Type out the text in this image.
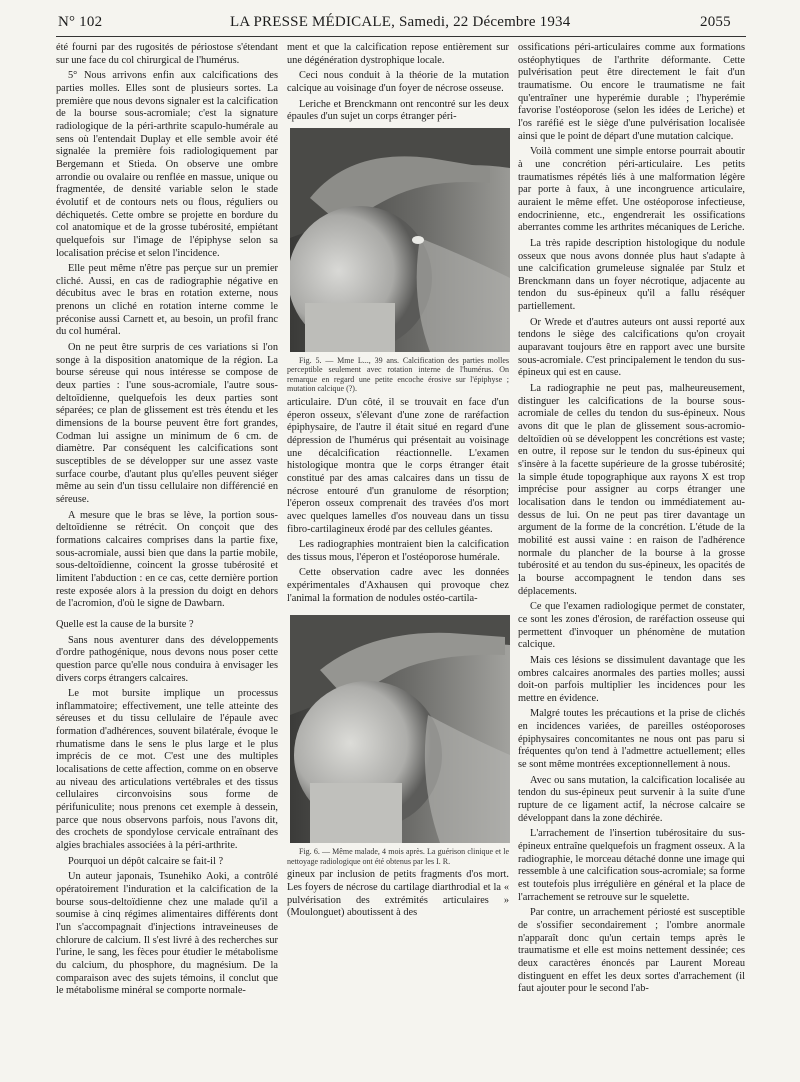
N° 102	LA PRESSE MÉDICALE, Samedi, 22 Décembre 1934	2055

été fourni par des rugosités de périostose s'étendant sur une face du col chirurgical de l'humérus.

5° Nous arrivons enfin aux calcifications des parties molles. Elles sont de plusieurs sortes. La première que nous devons signaler est la calcification de la bourse sous-acromiale; c'est la signature radiologique de la péri-arthrite scapulo-humérale au sens où l'entendait Duplay et elle semble avoir été signalée la première fois radiologiquement par Bergemann et Stieda. On observe une ombre arrondie ou ovalaire ou renflée en massue, unique ou fragmentée, de densité variable selon le stade évolutif et de contours nets ou flous, réguliers ou déchiquetés. Cette ombre se projette en bordure du col anatomique et de la grosse tubérosité, empiétant quelquefois sur l'image de l'épiphyse selon sa localisation précise et selon l'incidence.

Elle peut même n'être pas perçue sur un premier cliché. Aussi, en cas de radiographie négative en décubitus avec le bras en rotation externe, nous prenons un cliché en rotation interne comme le préconise aussi Carnett et, au besoin, un profil franc du col huméral.

On ne peut être surpris de ces variations si l'on songe à la disposition anatomique de la région. La bourse séreuse qui nous intéresse se compose de deux parties : l'une sous-acromiale, l'autre sous-deltoïdienne, quelquefois les deux parties sont séparées; ce plan de glissement est très étendu et les dimensions de la bourse peuvent être fort grandes, Codman lui assigne un minimum de 6 cm. de diamètre. Par conséquent les calcifications sont susceptibles de se développer sur une assez vaste surface courbe, d'autant plus qu'elles peuvent siéger même au sein d'un tissu cellulaire non différencié en séreuse.

A mesure que le bras se lève, la portion sous-deltoïdienne se rétrécit. On conçoit que des formations calcaires comprises dans la partie fixe, sous-acromiale, aussi bien que dans la partie mobile, sous-deltoïdienne, coincent la grosse tubérosité et limitent l'abduction : en ce cas, cette dernière portion reste exposée alors à la pression du doigt en dehors de l'acromion, d'où le signe de Dawbarn.

Quelle est la cause de la bursite ?

Sans nous aventurer dans des développements d'ordre pathogénique, nous devons nous poser cette question parce qu'elle nous conduira à envisager les divers corps étrangers calcaires.

Le mot bursite implique un processus inflammatoire; effectivement, une telle atteinte des séreuses et du tissu cellulaire de l'épaule avec formation d'adhérences, souvent bilatérale, évoque le rhumatisme dans le sens le plus large et le plus imprécis de ce mot. C'est une des multiples localisations de cette affection, comme on en observe au niveau des articulations vertébrales et des tissus cellulaires circonvoisins sous forme de périfuniculite; nous prenons cet exemple à dessein, parce que nous observons parfois, nous l'avons dit, des crochets de spondylose cervicale entraînant des algies brachiales associées à la péri-arthrite.

Pourquoi un dépôt calcaire se fait-il ?

Un auteur japonais, Tsunehiko Aoki, a contrôlé opératoirement l'induration et la calcification de la bourse sous-deltoïdienne chez une malade qu'il a soumise à cinq régimes alimentaires différents dont l'un s'accompagnait d'injections intraveineuses de chlorure de calcium. Il s'est livré à des recherches sur l'urine, le sang, les fèces pour étudier le métabolisme du calcium, du phosphore, du magnésium. De la comparaison avec des sujets témoins, il conclut que le métabolisme minéral se comporte normale-

ment et que la calcification repose entièrement sur une dégénération dystrophique locale.

Ceci nous conduit à la théorie de la mutation calcique au voisinage d'un foyer de nécrose osseuse.

Leriche et Brenckmann ont rencontré sur les deux épaules d'un sujet un corps étranger péri-

Fig. 5. — Mme L..., 39 ans. Calcification des parties molles perceptible seulement avec rotation interne de l'humérus. On remarque en regard une petite encoche érosive sur l'épiphyse ; mutation calcique (?).

articulaire. D'un côté, il se trouvait en face d'un éperon osseux, s'élevant d'une zone de raréfaction épiphysaire, de l'autre il était situé en regard d'une dépression de l'humérus qui présentait au voisinage une décalcification réactionnelle. L'examen histologique montra que le corps étranger était constitué par des amas calcaires dans un tissu de nécrose entouré d'un granulome de résorption; l'éperon osseux comprenait des travées d'os mort avec quelques lamelles d'os nouveau dans un tissu fibro-cartilagineux érodé par des cellules géantes.

Les radiographies montraient bien la calcification des tissus mous, l'éperon et l'ostéoporose humérale.

Cette observation cadre avec les données expérimentales d'Axhausen qui provoque chez l'animal la formation de nodules ostéo-cartila-

Fig. 6. — Même malade, 4 mois après. La guérison clinique et le nettoyage radiologique ont été obtenus par les I. R.

gineux par inclusion de petits fragments d'os mort. Les foyers de nécrose du cartilage diarthrodial et la « pulvérisation des extrémités articulaires » (Moulonguet) aboutissent à des

ossifications péri-articulaires comme aux formations ostéophytiques de l'arthrite déformante. Cette pulvérisation peut être directement le fait d'un traumatisme. Ou encore le traumatisme ne fait qu'entraîner une hyperémie durable ; l'hyperémie favorise l'ostéoporose (selon les idées de Leriche) et l'os raréfié est le siège d'une pulvérisation localisée ainsi que le point de départ d'une mutation calcique.

Voilà comment une simple entorse pourrait aboutir à une concrétion péri-articulaire. Les petits traumatismes répétés liés à une malformation légère par porte à faux, à une incongruence articulaire, auraient le même effet. Une ostéoporose infectieuse, endocrinienne, etc., engendrerait les ossifications aberrantes comme les arthrites mécaniques de Leriche.

La très rapide description histologique du nodule osseux que nous avons donnée plus haut s'adapte à une calcification grumeleuse signalée par Stulz et Brenckmann dans un foyer nécrotique, adjacente au tendon du sus-épineux qu'il a fallu réséquer partiellement.

Or Wrede et d'autres auteurs ont aussi reporté aux tendons le siège des calcifications qu'on croyait auparavant toujours être en rapport avec une bursite sous-acromiale. C'est principalement le tendon du sus-épineux qui est en cause.

La radiographie ne peut pas, malheureusement, distinguer les calcifications de la bourse sous-acromiale de celles du tendon du sus-épineux. Nous avons dit que le plan de glissement sous-acromio-deltoïdien où se développent les concrétions est vaste; en outre, il repose sur le tendon du sus-épineux qui s'insère à la facette supérieure de la grosse tubérosité; la simple étude topographique aux rayons X est trop imprécise pour assigner au corps étranger une localisation dans le tendon ou immédiatement au-dessus de lui. On ne peut pas tirer davantage un argument de la forme de la concrétion. L'étude de la mobilité est aussi vaine : en raison de l'adhérence normale du plancher de la bourse à la grosse tubérosité et au tendon du sus-épineux, les opacités de la bourse accompagnent le tendon dans ses déplacements.

Ce que l'examen radiologique permet de constater, ce sont les zones d'érosion, de raréfaction osseuse qui permettent d'invoquer un phénomène de mutation calcique.

Mais ces lésions se dissimulent davantage que les ombres calcaires anormales des parties molles; aussi doit-on parfois multiplier les incidences pour les mettre en évidence.

Malgré toutes les précautions et la prise de clichés en incidences variées, de pareilles ostéoporoses épiphysaires concomitantes ne nous ont pas paru si fréquentes qu'on tend à l'admettre actuellement; elles se sont même montrées exceptionnellement à nous.

Avec ou sans mutation, la calcification localisée au tendon du sus-épineux peut survenir à la suite d'une rupture de ce ligament actif, la nécrose calcaire se développant dans la zone déchirée.

L'arrachement de l'insertion tubérositaire du sus-épineux entraîne quelquefois un fragment osseux. A la radiographie, le morceau détaché donne une image qui ressemble à une calcification sous-acromiale; sa forme est toutefois plus irrégulière en général et la place de l'arrachement se retrouve sur le squelette.

Par contre, un arrachement périosté est susceptible de s'ossifier secondairement ; l'ombre anormale n'apparaît donc qu'un certain temps après le traumatisme et elle est moins nettement dessinée; ces deux caractères énoncés par Laurent Moreau distinguent en effet les deux sortes d'arrachement (il faut ajouter pour le second l'ab-
